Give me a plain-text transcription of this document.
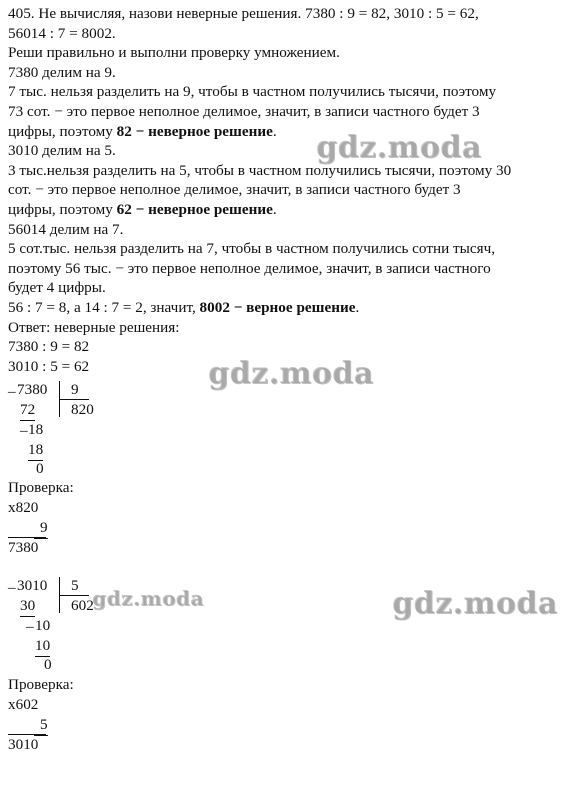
405. Не вычисляя, назови неверные решения. 7380 : 9 = 82, 3010 : 5 = 62,
56014 : 7 = 8002.
Реши правильно и выполни проверку умножением.
7380 делим на 9.
7 тыс. нельзя разделить на 9, чтобы в частном получились тысячи, поэтому
73 сот. − это первое неполное делимое, значит, в записи частного будет 3
цифры, поэтому 82 − неверное решение.
3010 делим на 5.
3 тыс.нельзя разделить на 5, чтобы в частном получились тысячи, поэтому 30
сот. − это первое неполное делимое, значит, в записи частного будет 3
цифры, поэтому 62 − неверное решение.
56014 делим на 7.
5 сот.тыс. нельзя разделить на 7, чтобы в частном получились сотни тысяч,
поэтому 56 тыс. − это первое неполное делимое, значит, в записи частного
будет 4 цифры.
56 : 7 = 8, а 14 : 7 = 2, значит, 8002 − верное решение.
Ответ: неверные решения:
7380 : 9 = 82
3010 : 5 = 62
_ 7380 9
820
72
_ 18
18
0
Проверка:
x820
9
7380
_ 3010 5
602
30
_ 10
10
0
Проверка:
x602
5
3010
gdz.moda
gdz.moda
gdz.moda	gdz.moda
